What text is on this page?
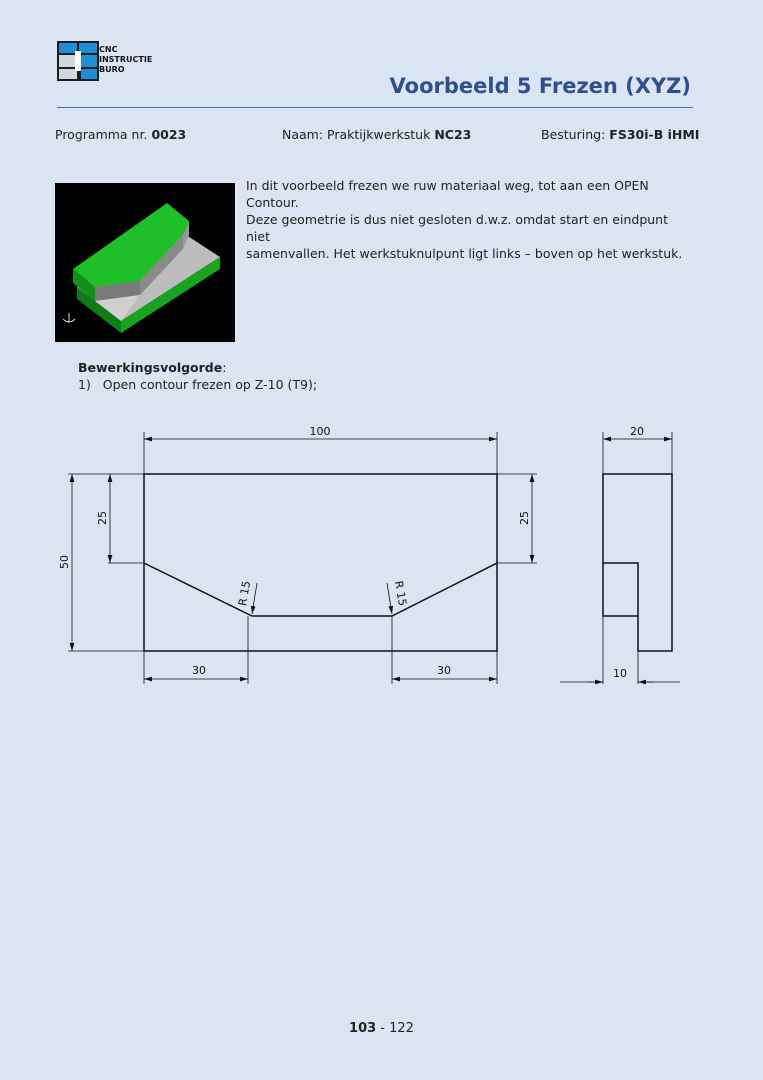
CNC
INSTRUCTIE
BURO
Voorbeeld 5 Frezen (XYZ)
Programma nr. 0023	Naam: Praktijkwerkstuk NC23	Besturing: FS30i-B iHMI

In dit voorbeeld frezen we ruw materiaal weg, tot aan een OPEN Contour.

Deze geometrie is dus niet gesloten d.w.z. omdat start en eindpunt niet

samenvallen. Het werkstuknulpunt ligt links – boven op het werkstuk.

Bewerkingsvolgorde:
1) Open contour frezen op Z-10 (T9);
100
50
25	25
30	30
R 15	R 15
20
10
103 - 122
